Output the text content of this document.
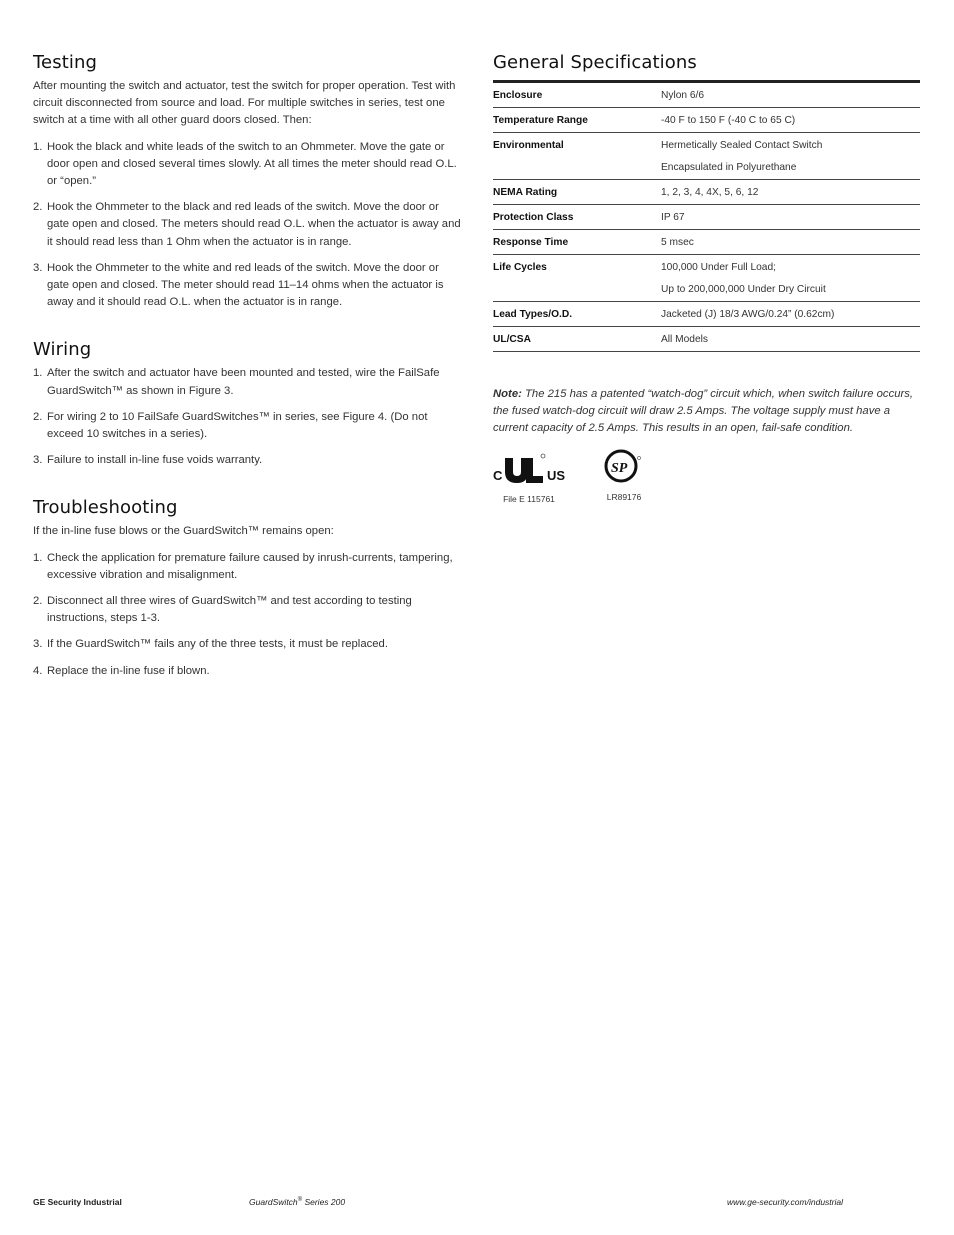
Testing

After mounting the switch and actuator, test the switch for proper operation. Test with circuit disconnected from source and load. For multiple switches in series, test one switch at a time with all other guard doors closed. Then:

1. Hook the black and white leads of the switch to an Ohmmeter. Move the gate or door open and closed several times slowly. At all times the meter should read O.L. or “open.”
2. Hook the Ohmmeter to the black and red leads of the switch. Move the door or gate open and closed. The meters should read O.L. when the actuator is away and it should read less than 1 Ohm when the actuator is in range.
3. Hook the Ohmmeter to the white and red leads of the switch. Move the door or gate open and closed. The meter should read 11–14 ohms when the actuator is away and it should read O.L. when the actuator is in range.
Wiring
1. After the switch and actuator have been mounted and tested, wire the FailSafe GuardSwitch™ as shown in Figure 3.
2. For wiring 2 to 10 FailSafe GuardSwitches™ in series, see Figure 4. (Do not exceed 10 switches in a series).
3. Failure to install in-line fuse voids warranty.
Troubleshooting

If the in-line fuse blows or the GuardSwitch™ remains open:

1. Check the application for premature failure caused by inrush-currents, tampering, excessive vibration and misalignment.
2. Disconnect all three wires of GuardSwitch™ and test according to testing instructions, steps 1-3.
3. If the GuardSwitch™ fails any of the three tests, it must be replaced.
4. Replace the in-line fuse if blown.
General Specifications
Enclosure	Nylon 6/6
Temperature Range	-40 F to 150 F (-40 C to 65 C)
Environmental	Hermetically Sealed Contact Switch
Encapsulated in Polyurethane

NEMA Rating	1, 2, 3, 4, 4X, 5, 6, 12
Protection Class	IP 67
Response Time	5 msec
Life Cycles	100,000 Under Full Load;
Up to 200,000,000 Under Dry Circuit

Lead Types/O.D.	Jacketed (J) 18/3 AWG/0.24” (0.62cm)
UL/CSA	All Models

Note: The 215 has a patented “watch-dog” circuit which, when switch failure occurs, the fused watch-dog circuit will draw 2.5 Amps. The voltage supply must have a current capacity of 2.5 Amps. This results in an open, fail-safe condition.

C	US
File E 115761
SP
LR89176
GE Security Industrial	GuardSwitch® Series 200	www.ge-security.com/industrial
